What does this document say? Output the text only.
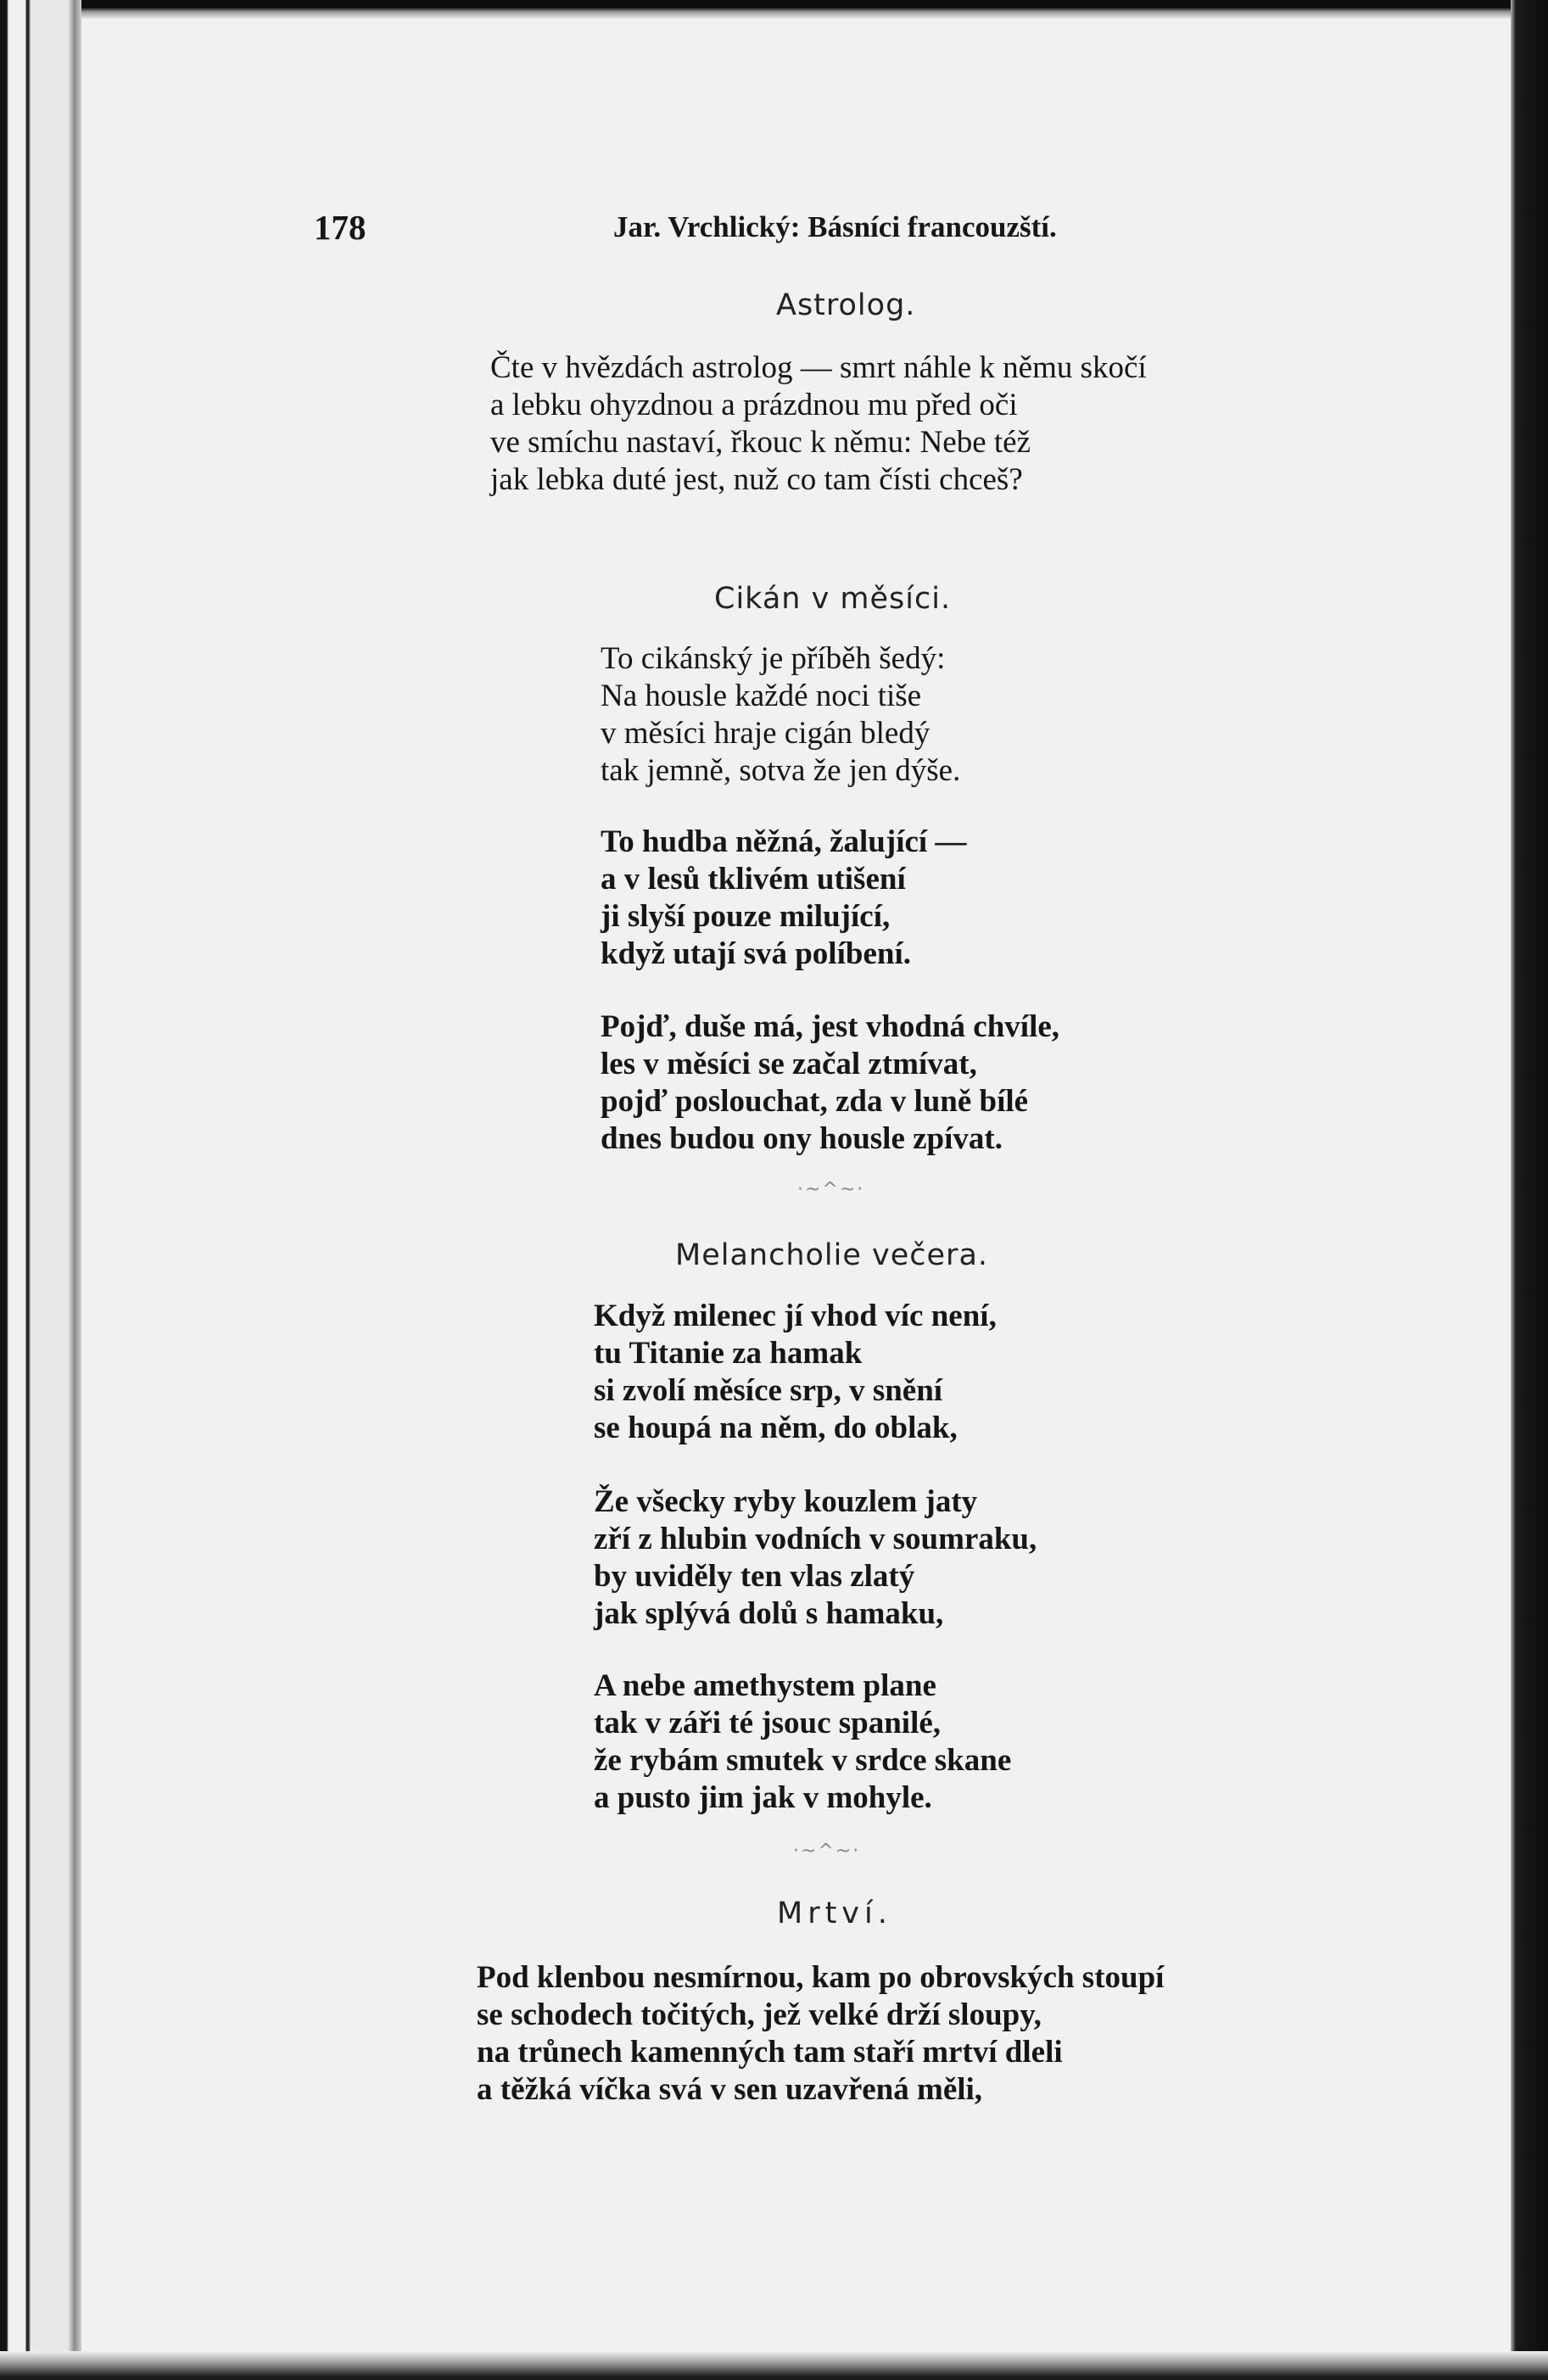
178	Jar. Vrchlický: Básníci francouzští.
Astrolog.
Čte v hvězdách astrolog — smrt náhle k němu skočí
a lebku ohyzdnou a prázdnou mu před oči
ve smíchu nastaví, řkouc k němu: Nebe též
jak lebka duté jest, nuž co tam čísti chceš?
Cikán v měsíci.
To cikánský je příběh šedý:
Na housle každé noci tiše
v měsíci hraje cigán bledý
tak jemně, sotva že jen dýše.
To hudba něžná, žalující —
a v lesů tklivém utišení
ji slyší pouze milující,
když utají svá políbení.
Pojď, duše má, jest vhodná chvíle,
les v měsíci se začal ztmívat,
pojď poslouchat, zda v luně bílé
dnes budou ony housle zpívat.
·~^~·
Melancholie večera.
Když milenec jí vhod víc není,
tu Titanie za hamak
si zvolí měsíce srp, v snění
se houpá na něm, do oblak,
Že všecky ryby kouzlem jaty
zří z hlubin vodních v soumraku,
by uviděly ten vlas zlatý
jak splývá dolů s hamaku,
A nebe amethystem plane
tak v záři té jsouc spanilé,
že rybám smutek v srdce skane
a pusto jim jak v mohyle.
·~^~·
Mrtví.
Pod klenbou nesmírnou, kam po obrovských stoupí
se schodech točitých, jež velké drží sloupy,
na trůnech kamenných tam staří mrtví dleli
a těžká víčka svá v sen uzavřená měli,
